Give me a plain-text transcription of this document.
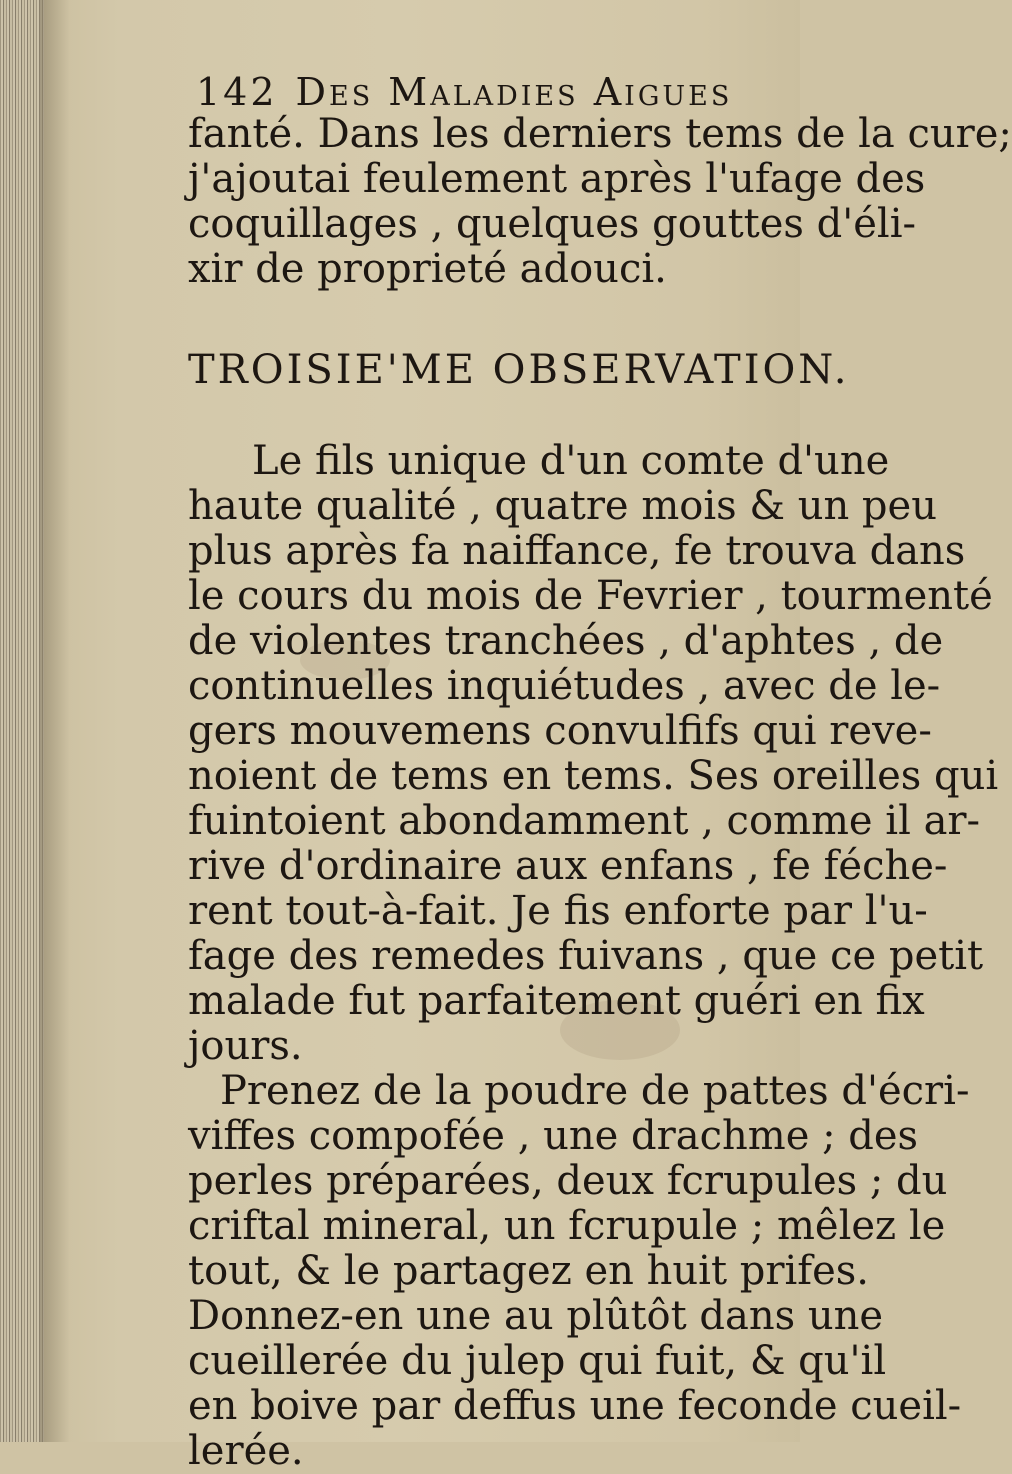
142 Des Maladies Aigues

fanté. Dans les derniers tems de la cure;

j'ajoutai feulement après l'ufage des

coquillages , quelques gouttes d'éli-

xir de proprieté adouci.

TROISIE'ME OBSERVATION.

Le fils unique d'un comte d'une

haute qualité , quatre mois & un peu

plus après fa naiffance, fe trouva dans

le cours du mois de Fevrier , tourmenté

de violentes tranchées , d'aphtes , de

continuelles inquiétudes , avec de le-

gers mouvemens convulfifs qui reve-

noient de tems en tems. Ses oreilles qui

fuintoient abondamment , comme il ar-

rive d'ordinaire aux enfans , fe féche-

rent tout-à-fait. Je fis enforte par l'u-

fage des remedes fuivans , que ce petit

malade fut parfaitement guéri en fix

jours.

Prenez de la poudre de pattes d'écri-

viffes compofée , une drachme ; des

perles préparées, deux fcrupules ; du

criftal mineral, un fcrupule ; mêlez le

tout, & le partagez en huit prifes.

Donnez-en une au plûtôt dans une

cueillerée du julep qui fuit, & qu'il

en boive par deffus une feconde cueil-

lerée.
